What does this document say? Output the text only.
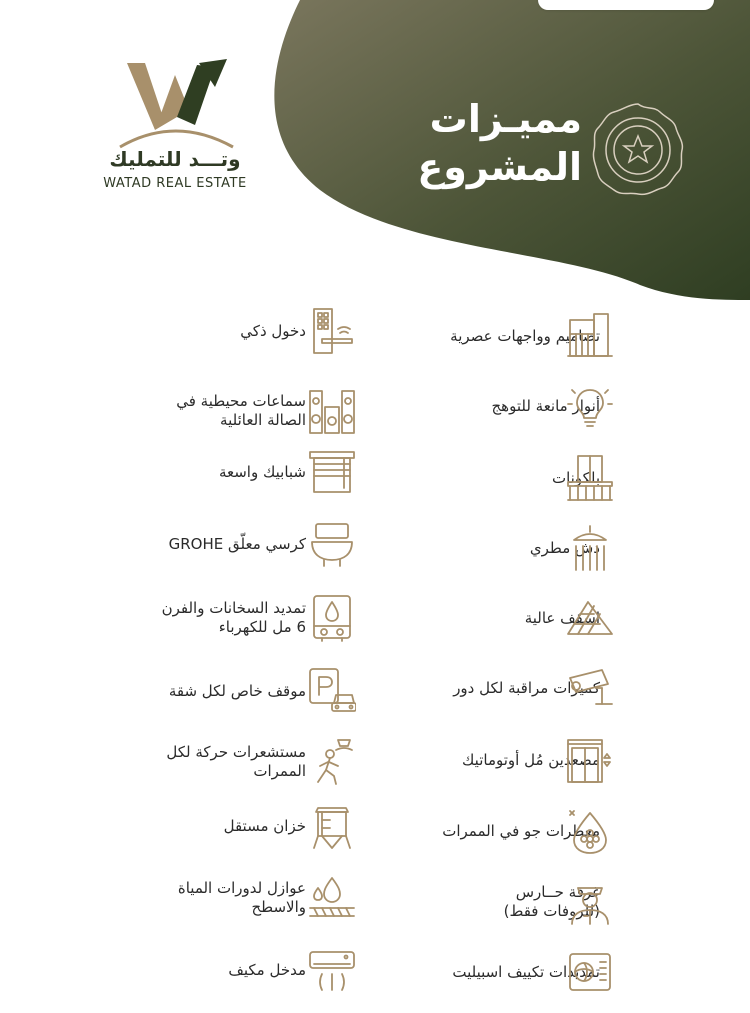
وتـــد للتمليك
WATAD REAL ESTATE
مميـزات
المشروع
تصاميم وواجهات عصرية
أنوار مانعة للتوهج
بلكونات
دش مطري
اسقف عالية
كميرات مراقبة لكل دور
مصعدين مُل أوتوماتيك
معطرات جو في الممرات
غرفة حــارس
(للروفات فقط)
تمديدات تكييف اسبيليت
دخول ذكي
سماعات محيطية في
الصالة العائلية
شبابيك واسعة
كرسي معلّق GROHE
تمديد السخانات والفرن
6 مل للكهرباء
موقف خاص لكل شقة
مستشعرات حركة لكل
الممرات
خزان مستقل
عوازل لدورات المياة
والاسطح
مدخل مكيف
